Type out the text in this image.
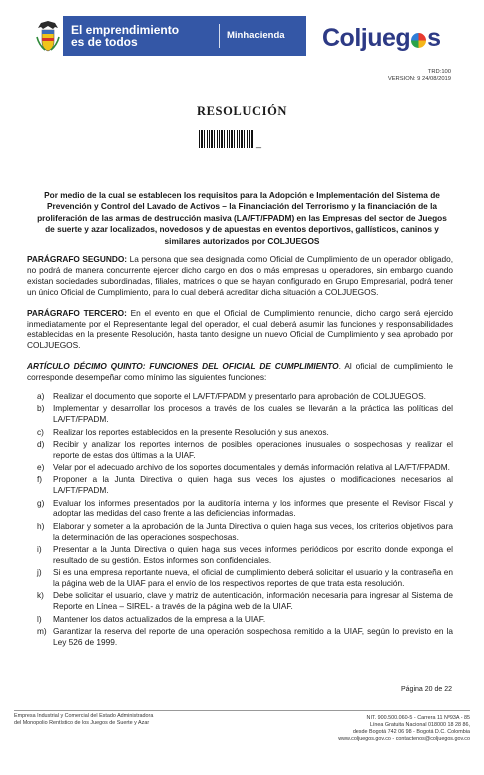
El emprendimiento
es de todos	Minhacienda Coljueg s
TRD:100
VERSION: 9 24/08/2019
RESOLUCIÓN
_
Por medio de la cual se establecen los requisitos para la Adopción e Implementación del Sistema de Prevención y Control del Lavado de Activos – la Financiación del Terrorismo y la financiación de la proliferación de las armas de destrucción masiva (LA/FT/FPADM) en las Empresas del sector de Juegos de suerte y azar localizados, novedosos y de apuestas en eventos deportivos, gallísticos, caninos y similares autorizados por COLJUEGOS

PARÁGRAFO SEGUNDO: La persona que sea designada como Oficial de Cumplimiento de un operador obligado, no podrá de manera concurrente ejercer dicho cargo en dos o más empresas u operadores, sin embargo cuando existan sociedades subordinadas, filiales, matrices o que se hayan configurado en Grupo Empresarial, podrá tener un único Oficial de Cumplimiento, para lo cual deberá acreditar dicha situación a COLJUEGOS.

PARÁGRAFO TERCERO: En el evento en que el Oficial de Cumplimiento renuncie, dicho cargo será ejercido inmediatamente por el Representante legal del operador, el cual deberá asumir las funciones y responsabilidades establecidas en la presente Resolución, hasta tanto designe un nuevo Oficial de Cumplimiento y sea aprobado por COLJUEGOS.

ARTÍCULO DÉCIMO QUINTO: FUNCIONES DEL OFICIAL DE CUMPLIMIENTO. Al oficial de cumplimiento le corresponde desempeñar como mínimo las siguientes funciones:

a)	Realizar el documento que soporte el LA/FT/FPADM y presentarlo para aprobación de COLJUEGOS.
b)	Implementar y desarrollar los procesos a través de los cuales se llevarán a la práctica las políticas del LA/FT/FPADM.
c)	Realizar los reportes establecidos en la presente Resolución y sus anexos.
d)	Recibir y analizar los reportes internos de posibles operaciones inusuales o sospechosas y realizar el reporte de estas dos últimas a la UIAF.
e)	Velar por el adecuado archivo de los soportes documentales y demás información relativa al LA/FT/FPADM.
f)	Proponer a la Junta Directiva o quien haga sus veces los ajustes o modificaciones necesarios al LA/FT/FPADM.
g)	Evaluar los informes presentados por la auditoría interna y los informes que presente el Revisor Fiscal y adoptar las medidas del caso frente a las deficiencias informadas.
h)	Elaborar y someter a la aprobación de la Junta Directiva o quien haga sus veces, los criterios objetivos para la determinación de las operaciones sospechosas.
i)	Presentar a la Junta Directiva o quien haga sus veces informes periódicos por escrito donde exponga el resultado de su gestión. Estos informes son confidenciales.
j)	Si es una empresa reportante nueva, el oficial de cumplimiento deberá solicitar el usuario y la contraseña en la página web de la UIAF para el envío de los respectivos reportes de que trata esta resolución.
k)	Debe solicitar el usuario, clave y matriz de autenticación, información necesaria para ingresar al Sistema de Reporte en Línea – SIREL- a través de la página web de la UIAF.
l)	Mantener los datos actualizados de la empresa a la UIAF.
m) Garantizar la reserva del reporte de una operación sospechosa remitido a la UIAF, según lo previsto en la Ley 526 de 1999.
Página 20 de 22
Empresa Industrial y Comercial del Estado Administradora
del Monopolio Rentístico de los Juegos de Suerte y Azar
NIT. 900.500.060-5 - Carrera 11 Nº93A - 85
Línea Gratuita Nacional 018000 18 28 86,
desde Bogotá 742 06 98 - Bogotá D.C. Colombia
www.coljuegos.gov.co - contactenos@coljuegos.gov.co
